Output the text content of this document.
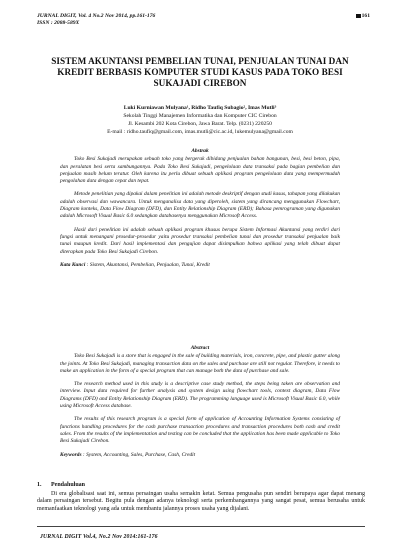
JURNAL DIGIT, Vol. 4 No.2 Nov 2014, pp.161-176
ISSN : 2088-589X
161
SISTEM AKUNTANSI PEMBELIAN TUNAI, PENJUALAN TUNAI DAN KREDIT BERBASIS KOMPUTER STUDI KASUS PADA TOKO BESI SUKAJADI CIREBON
Luki Kurniawan Mulyana¹, Ridho Taufiq Subagio², Imas Mutli³
Sekolah Tinggi Manajemen Informatika dan Komputer CIC Cirebon
Jl. Kesambi 202 Kota Cirebon, Jawa Barat. Telp. (0231) 220250
E-mail : ridho.taufiq@gmail.com, imas.mutli@cic.ac.id, lukemulyana@gmail.com
Abstrak

Toko Besi Sukajadi merupakan sebuah toko yang bergerak dibidang penjualan bahan bangunan, besi, besi beton, pipa, dan peralatan besi serta sambungannya. Pada Toko Besi Sukajadi, pengelolaan data transaksi pada bagian pembelian dan penjualan masih belum teratur. Oleh karena itu perlu dibuat sebuah aplikasi program pengelolaan data yang mempermudah pengolahan data dengan cepat dan tepat.

Metode penelitian yang dipakai dalam penelitian ini adalah metode deskriptif dengan studi kasus, tahapan yang dilakukan adalah observasi dan wawancara. Untuk menganalisa data yang diperoleh, sistem yang dirancang menggunakan Flowchart, Diagram konteks, Data Flow Diagram (DFD), dan Entity Relationship Diagram (ERD); Bahasa pemrograman yang digunakan adalah Microsoft Visual Basic 6.0 sedangkan databasenya menggunakan Microsoft Access.

Hasil dari penelitian ini adalah sebuah aplikasi program khusus berupa Sistem Informasi Akuntansi yang terdiri dari fungsi untuk menangani prosedur-prosedur yaitu prosedur transaksi pembelian tunai dan prosedur transaksi penjualan baik tunai maupun kredit. Dari hasil implementasi dan pengujian dapat disimpulkan bahwa aplikasi yang telah dibuat dapat diterapkan pada Toko Besi Sukajadi Cirebon.

Kata Kunci : Sistem, Akuntansi, Pembelian, Penjualan, Tunai, Kredit

Abstract

Toko Besi Sukajadi is a store that is engaged in the sale of building materials, iron, concrete, pipe, and plastic gutter along the joints. At Toko Besi Sukajadi, managing transaction data on the sales and purchase are still not regular. Therefore, it needs to make an application in the form of a special program that can manage both the data of purchase and sale.

The research method used in this study is a descriptive case study method, the steps being taken are observation and interview. Input data required for further analysis and system design using flowchart tools, context diagram, Data Flow Diagrams (DFD) and Entity Relationship Diagram (ERD). The programming language used is Microsoft Visual Basic 6.0, while using Microsoft Access database.

The results of this research program is a special form of application of Accounting Information Systems consisting of functions handling procedures for the cash purchase transaction procedures and transaction procedures both cash and credit sales. From the results of the implementation and testing can be concluded that the application has been made applicable to Toko Besi Sukajadi Cirebon.

Keywords : System, Accounting, Sales, Purchase, Cash, Credit

1. Pendahuluan

Di era globalisasi saat ini, semua persaingan usaha semakin ketat. Semua pengusaha pun sendiri berupaya agar dapat menang dalam persaingan tersebut. Begitu pula dengan adanya teknologi serta perkembangannya yang sangat pesat, semua berusaha untuk memanfaatkan teknologi yang ada untuk membantu jalannya proses usaha yang dijalani.

JURNAL DIGIT Vol.4, No.2 Nov 2014:161-176
